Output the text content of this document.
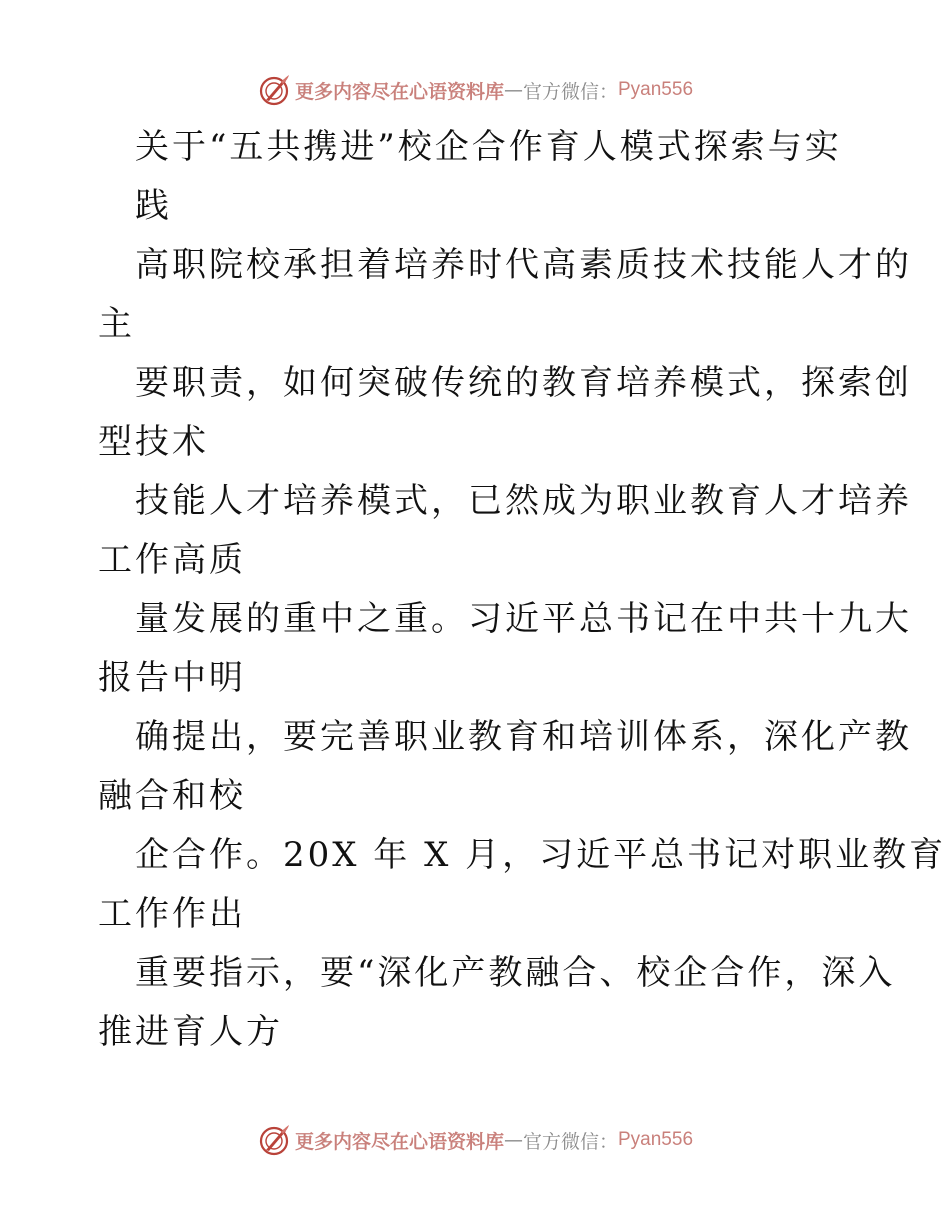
更多内容尽在心语资料库 — 官方微信： Pyan556
关于“五共携进”校企合作育人模式探索与实
践
高职院校承担着培养时代高素质技术技能人才的
主
要职责，如何突破传统的教育培养模式，探索创
型技术
技能人才培养模式，已然成为职业教育人才培养
工作高质
量发展的重中之重。习近平总书记在中共十九大
报告中明
确提出，要完善职业教育和培训体系，深化产教
融合和校
企合作。20X 年 X 月，习近平总书记对职业教育
工作作出
重要指示，要“深化产教融合、校企合作，深入
推进育人方
更多内容尽在心语资料库 — 官方微信： Pyan556
